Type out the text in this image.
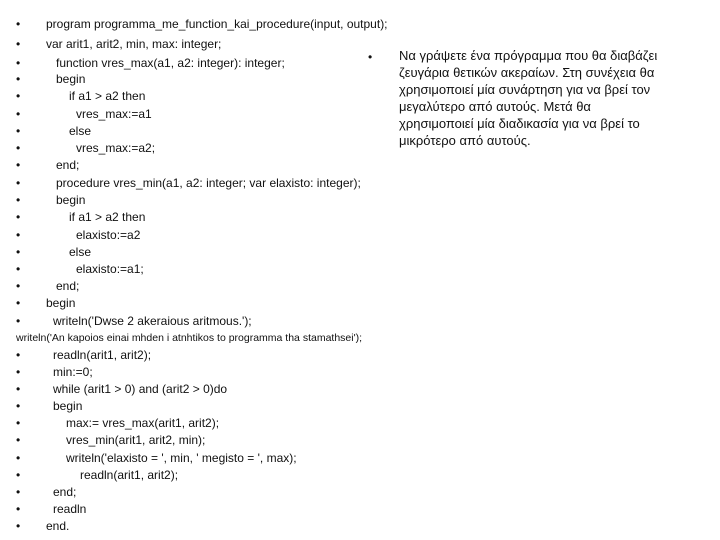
• program programma_me_function_kai_procedure(input, output);
• var arit1, arit2, min, max: integer;
•	function vres_max(a1, a2: integer): integer;
•	begin
•	if a1 > a2 then
•	vres_max:=a1
•	else
•	vres_max:=a2;
•	end;
•	procedure vres_min(a1, a2: integer; var elaxisto: integer);
•	begin
•	if a1 > a2 then
•	elaxisto:=a2
•	else
•	elaxisto:=a1;
•	end;
• begin
•	writeln('Dwse 2 akeraious aritmous.');
writeln('An kapoios einai mhden i atnhtikos to programma tha stamathsei');
•	readln(arit1, arit2);
•	min:=0;
•	while (arit1 > 0) and (arit2 > 0)do
•	begin
•	max:= vres_max(arit1, arit2);
•	vres_min(arit1, arit2, min);
•	writeln('elaxisto = ', min, ' megisto = ', max);
•	readln(arit1, arit2);
•	end;
•	readln
• end.
• Να γράψετε ένα πρόγραμμα που θα διαβάζει ζευγάρια θετικών ακεραίων. Στη συνέχεια θα χρησιμοποιεί μία συνάρτηση για να βρεί τον μεγαλύτερο από αυτούς. Μετά θα χρησιμοποιεί μία διαδικασία για να βρεί το μικρότερο από αυτούς.
